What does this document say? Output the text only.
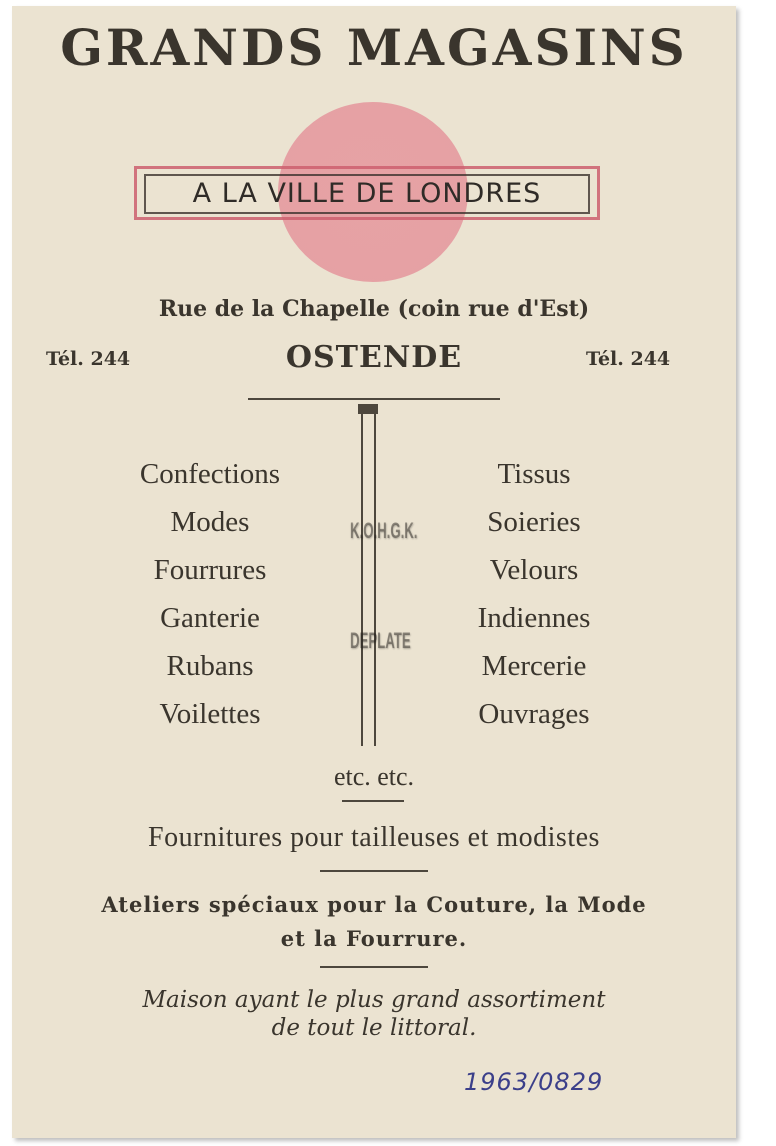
GRANDS MAGASINS
A LA VILLE DE LONDRES
Rue de la Chapelle (coin rue d'Est)
Tél. 244	OSTENDE	Tél. 244
Confections
Modes
Fourrures
Ganterie
Rubans
Voilettes
Tissus
Soieries
Velours
Indiennes
Mercerie
Ouvrages
K.O.H.G.K.
DEPLATE
etc. etc.
Fournitures pour tailleuses et modistes
Ateliers spéciaux pour la Couture, la Mode
et la Fourrure.
Maison ayant le plus grand assortiment
de tout le littoral.
1963/0829
